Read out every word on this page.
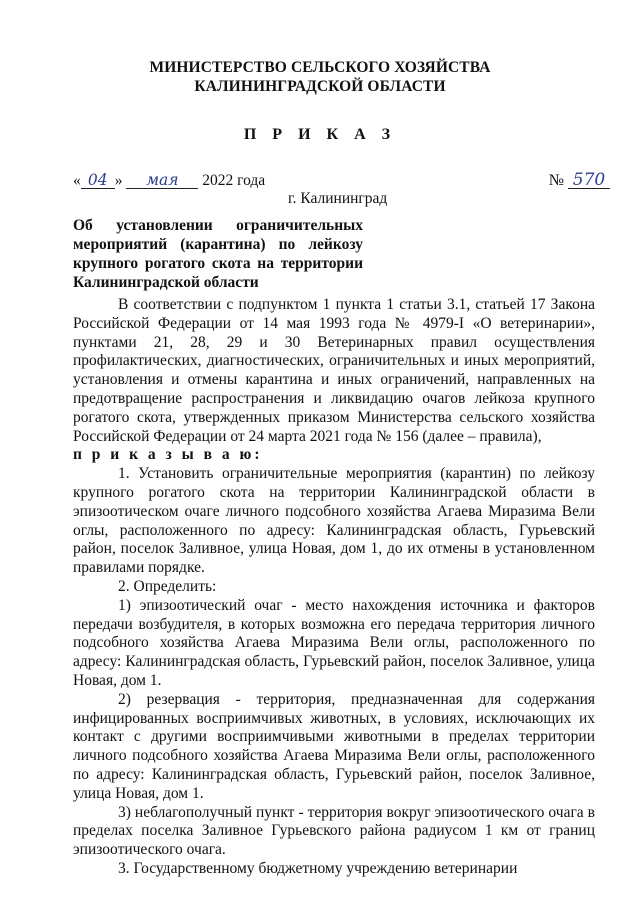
МИНИСТЕРСТВО СЕЛЬСКОГО ХОЗЯЙСТВА
КАЛИНИНГРАДСКОЙ ОБЛАСТИ
П Р И К А З
« 04 » мая 2022 года	№ 570
г. Калининград
Об установлении ограничительных мероприятий (карантина) по лейкозу крупного рогатого скота на территории Калининградской области

В соответствии с подпунктом 1 пункта 1 статьи 3.1, статьей 17 Закона Российской Федерации от 14 мая 1993 года № 4979-I «О ветеринарии», пунктами 21, 28, 29 и 30 Ветеринарных правил осуществления профилактических, диагностических, ограничительных и иных мероприятий, установления и отмены карантина и иных ограничений, направленных на предотвращение распространения и ликвидацию очагов лейкоза крупного рогатого скота, утвержденных приказом Министерства сельского хозяйства Российской Федерации от 24 марта 2021 года № 156 (далее – правила),

п р и к а з ы в а ю:

1. Установить ограничительные мероприятия (карантин) по лейкозу крупного рогатого скота на территории Калининградской области в эпизоотическом очаге личного подсобного хозяйства Агаева Миразима Вели оглы, расположенного по адресу: Калининградская область, Гурьевский район, поселок Заливное, улица Новая, дом 1, до их отмены в установленном правилами порядке.

2. Определить:

1) эпизоотический очаг - место нахождения источника и факторов передачи возбудителя, в которых возможна его передача территория личного подсобного хозяйства Агаева Миразима Вели оглы, расположенного по адресу: Калининградская область, Гурьевский район, поселок Заливное, улица Новая, дом 1.

2) резервация - территория, предназначенная для содержания инфицированных восприимчивых животных, в условиях, исключающих их контакт с другими восприимчивыми животными в пределах территории личного подсобного хозяйства Агаева Миразима Вели оглы, расположенного по адресу: Калининградская область, Гурьевский район, поселок Заливное, улица Новая, дом 1.

3) неблагополучный пункт - территория вокруг эпизоотического очага в пределах поселка Заливное Гурьевского района радиусом 1 км от границ эпизоотического очага.

3. Государственному бюджетному учреждению ветеринарии
